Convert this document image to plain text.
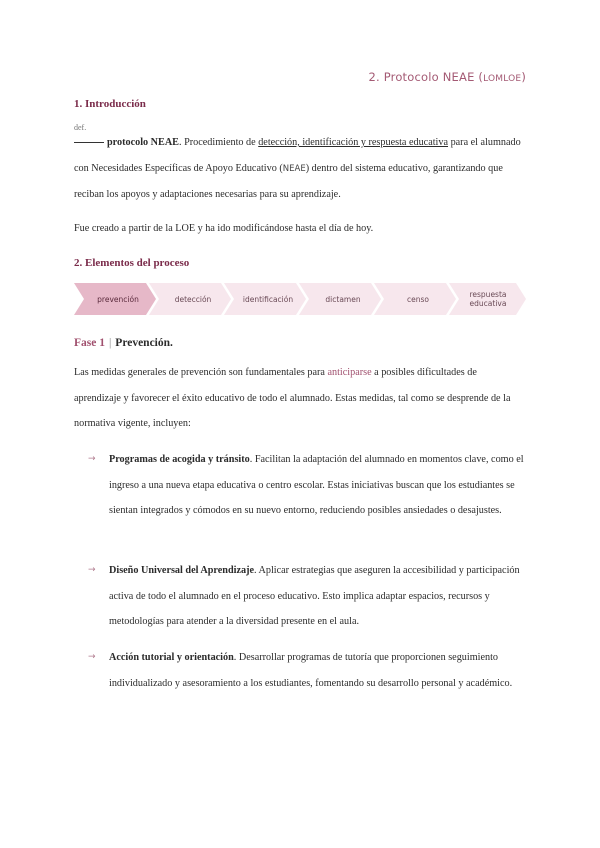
2. Protocolo NEAE (LOMLOE)
1. Introducción
def.
protocolo NEAE. Procedimiento de detección, identificación y respuesta educativa para el alumnado con Necesidades Específicas de Apoyo Educativo (NEAE) dentro del sistema educativo, garantizando que reciban los apoyos y adaptaciones necesarias para su aprendizaje.
Fue creado a partir de la LOE y ha ido modificándose hasta el día de hoy.
2. Elementos del proceso
prevención	detección	identificación	dictamen	censo	respuesta educativa
Fase 1 | Prevención.
Las medidas generales de prevención son fundamentales para anticiparse a posibles dificultades de aprendizaje y favorecer el éxito educativo de todo el alumnado. Estas medidas, tal como se desprende de la normativa vigente, incluyen:
→ Programas de acogida y tránsito. Facilitan la adaptación del alumnado en momentos clave, como el ingreso a una nueva etapa educativa o centro escolar. Estas iniciativas buscan que los estudiantes se sientan integrados y cómodos en su nuevo entorno, reduciendo posibles ansiedades o desajustes.
→ Diseño Universal del Aprendizaje. Aplicar estrategias que aseguren la accesibilidad y participación activa de todo el alumnado en el proceso educativo. Esto implica adaptar espacios, recursos y metodologías para atender a la diversidad presente en el aula.
→ Acción tutorial y orientación. Desarrollar programas de tutoría que proporcionen seguimiento individualizado y asesoramiento a los estudiantes, fomentando su desarrollo personal y académico.
